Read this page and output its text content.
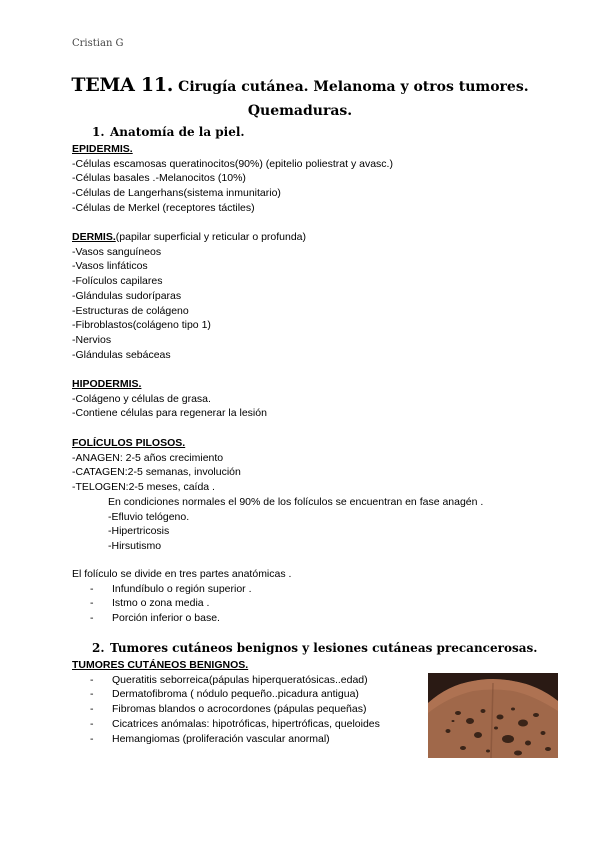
Cristian G
TEMA 11. Cirugía cutánea. Melanoma y otros tumores.
Quemaduras.
1. Anatomía de la piel.
EPIDERMIS.
-Células escamosas queratinocitos(90%) (epitelio poliestrat y avasc.)
-Células basales .-Melanocitos (10%)
-Células de Langerhans(sistema inmunitario)
-Células de Merkel (receptores táctiles)
DERMIS.(papilar superficial y reticular o profunda)
-Vasos sanguíneos
-Vasos linfáticos
-Folículos capilares
-Glándulas sudoríparas
-Estructuras de colágeno
-Fibroblastos(colágeno tipo 1)
-Nervios
-Glándulas sebáceas
HIPODERMIS.
-Colágeno y células de grasa.
-Contiene células para regenerar la lesión
FOLÍCULOS PILOSOS.
-ANAGEN: 2-5 años crecimiento
-CATAGEN:2-5 semanas, involución
-TELOGEN:2-5 meses, caída .
En condiciones normales el 90% de los folículos se encuentran en fase anagén .
-Efluvio telógeno.
-Hipertricosis
-Hirsutismo
El folículo se divide en tres partes anatómicas .
-	Infundíbulo o región superior .
-	Istmo o zona media .
-	Porción inferior o base.
2. Tumores cutáneos benignos y lesiones cutáneas precancerosas.
TUMORES CUTÁNEOS BENIGNOS.
-	Queratitis seborreica(pápulas hiperqueratósicas..edad)
-	Dermatofibroma ( nódulo pequeño..picadura antigua)
-	Fibromas blandos o acrocordones (pápulas pequeñas)
-	Cicatrices anómalas: hipotróficas, hipertróficas, queloides
-	Hemangiomas (proliferación vascular anormal)
